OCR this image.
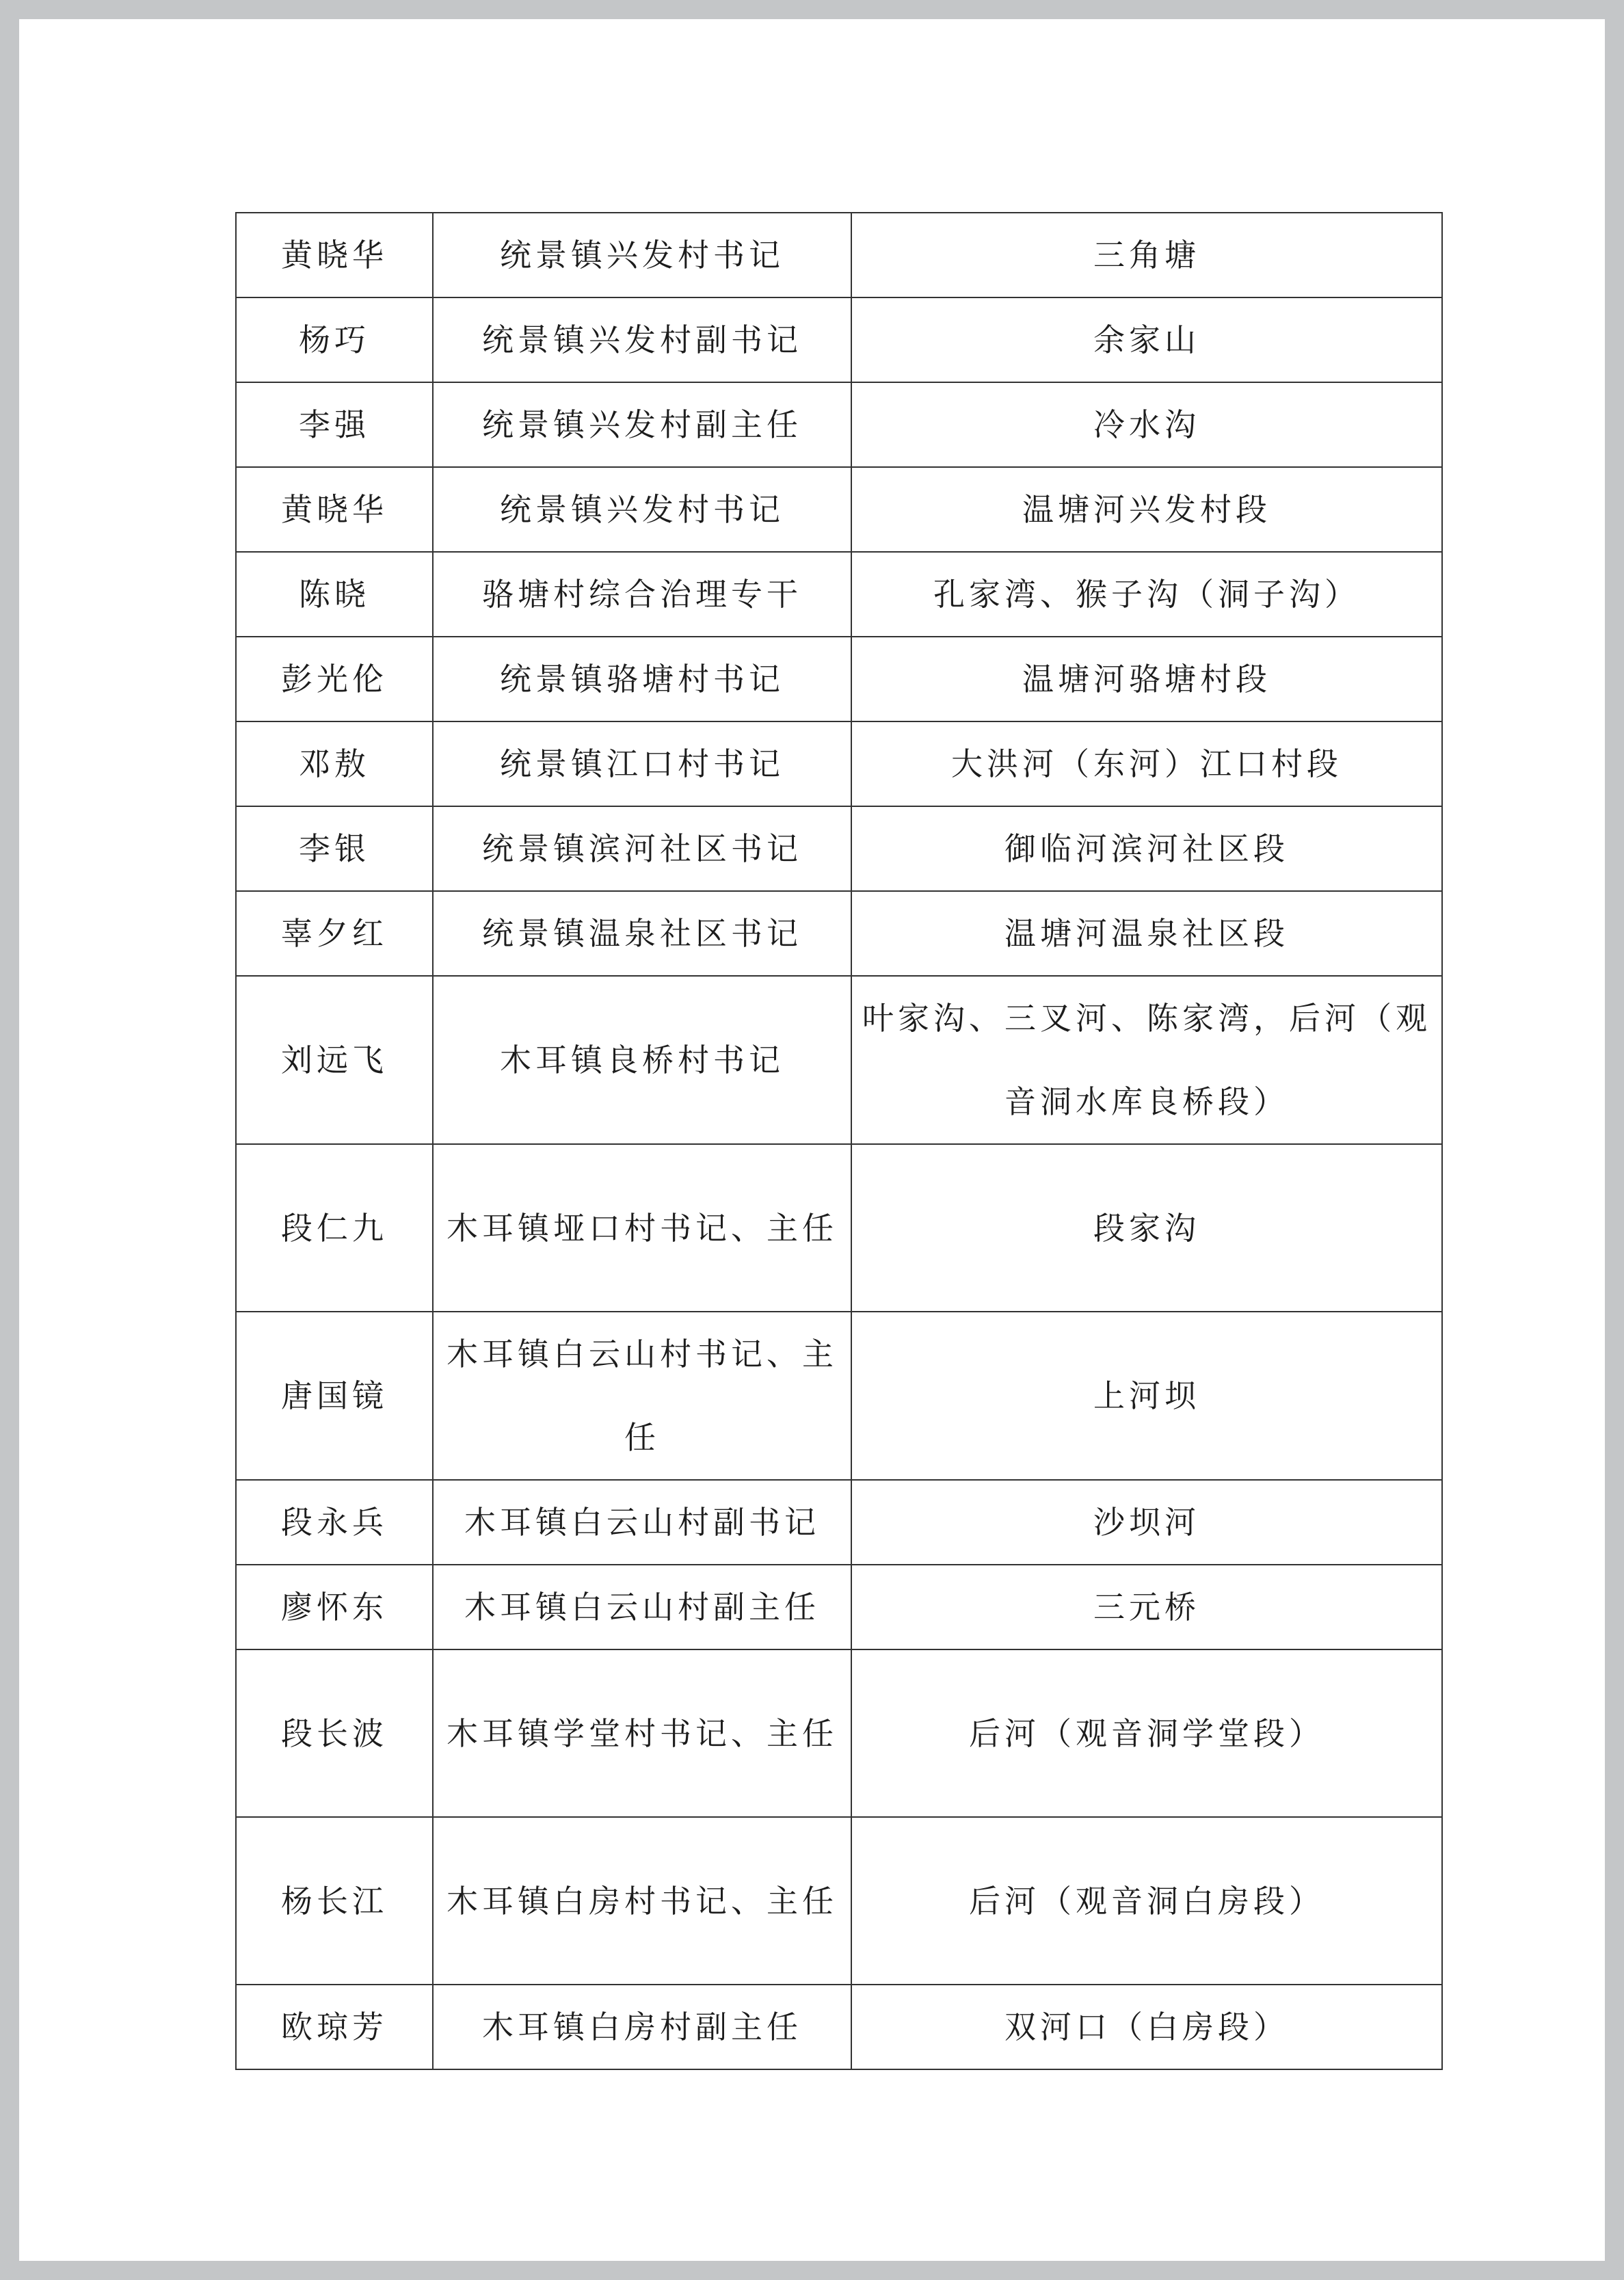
黄晓华	统景镇兴发村书记	三角塘
杨巧	统景镇兴发村副书记	余家山
李强	统景镇兴发村副主任	冷水沟
黄晓华	统景镇兴发村书记	温塘河兴发村段
陈晓	骆塘村综合治理专干	孔家湾、猴子沟（洞子沟）
彭光伦	统景镇骆塘村书记	温塘河骆塘村段
邓敖	统景镇江口村书记	大洪河（东河）江口村段
李银	统景镇滨河社区书记	御临河滨河社区段
辜夕红	统景镇温泉社区书记	温塘河温泉社区段
刘远飞	木耳镇良桥村书记	叶家沟、三叉河、陈家湾，后河（观音洞水库良桥段）
段仁九	木耳镇垭口村书记、主任	段家沟
唐国镜	木耳镇白云山村书记、主任	上河坝
段永兵	木耳镇白云山村副书记	沙坝河
廖怀东	木耳镇白云山村副主任	三元桥
段长波	木耳镇学堂村书记、主任	后河（观音洞学堂段）
杨长江	木耳镇白房村书记、主任	后河（观音洞白房段）
欧琼芳	木耳镇白房村副主任	双河口（白房段）
